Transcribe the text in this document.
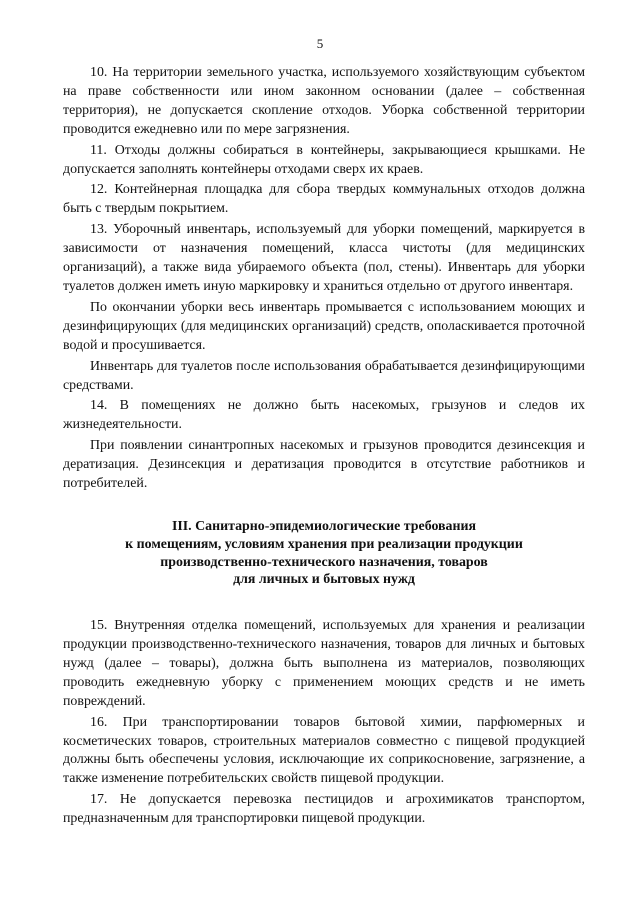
5

10. На территории земельного участка, используемого хозяйствующим субъектом на праве собственности или ином законном основании (далее – собственная территория), не допускается скопление отходов. Уборка собственной территории проводится ежедневно или по мере загрязнения.

11. Отходы должны собираться в контейнеры, закрывающиеся крышками. Не допускается заполнять контейнеры отходами сверх их краев.

12. Контейнерная площадка для сбора твердых коммунальных отходов должна быть с твердым покрытием.

13. Уборочный инвентарь, используемый для уборки помещений, маркируется в зависимости от назначения помещений, класса чистоты (для медицинских организаций), а также вида убираемого объекта (пол, стены). Инвентарь для уборки туалетов должен иметь иную маркировку и храниться отдельно от другого инвентаря.

По окончании уборки весь инвентарь промывается с использованием моющих и дезинфицирующих (для медицинских организаций) средств, ополаскивается проточной водой и просушивается.

Инвентарь для туалетов после использования обрабатывается дезинфицирующими средствами.

14. В помещениях не должно быть насекомых, грызунов и следов их жизнедеятельности.

При появлении синантропных насекомых и грызунов проводится дезинсекция и дератизация. Дезинсекция и дератизация проводится в отсутствие работников и потребителей.

III. Санитарно-эпидемиологические требования
к помещениям, условиям хранения при реализации продукции
производственно-технического назначения, товаров
для личных и бытовых нужд

15. Внутренняя отделка помещений, используемых для хранения и реализации продукции производственно-технического назначения, товаров для личных и бытовых нужд (далее – товары), должна быть выполнена из материалов, позволяющих проводить ежедневную уборку с применением моющих средств и не иметь повреждений.

16. При транспортировании товаров бытовой химии, парфюмерных и косметических товаров, строительных материалов совместно с пищевой продукцией должны быть обеспечены условия, исключающие их соприкосновение, загрязнение, а также изменение потребительских свойств пищевой продукции.

17. Не допускается перевозка пестицидов и агрохимикатов транспортом, предназначенным для транспортировки пищевой продукции.
